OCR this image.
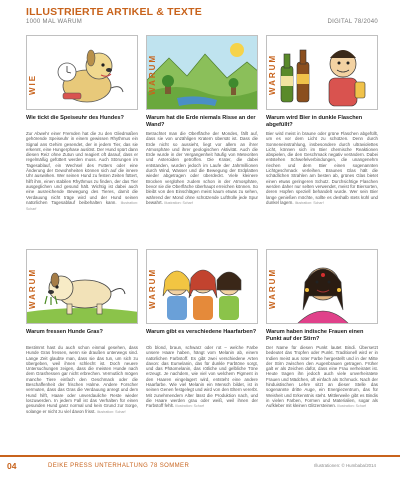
ILLUSTRIERTE ARTIKEL & TEXTE
1000 MAL WARUM	DIGITAL 78/2040
WIE
Wie tickt die Speiseuhr des Hundes?
Zur Abwehr einer Fremden hat die zu den Gliedmaßen gehörende Speiseuhr in einem gewissen Rhythmus ein Signal ans Gehirn gesendet, der in jedem Tier, das sie erkennt, eine Hungerphase auslöst. Der Hund spürt dann diesen Reiz ohne Zutun und reagiert oft darauf, dass er regelmäßig gefüttert werden muss. Auch Störungen im Tagesablauf, ein Wechsel des Futters oder eine Änderung der Gewohnheiten können sich auf die innere Uhr auswirken. Wer seinen Hund zu festen Zeiten füttert, hilft ihm, einen stabilen Rhythmus zu finden, der das Tier ausgeglichen und gesund hält. Wichtig ist dabei auch eine ausreichende Bewegung des Tieres, damit die Verdauung nicht träge wird und der Hund seinen natürlichen Tagesablauf beibehalten kann. Illustration: Scharf
WARUM
Warum hat die Erde niemals Risse an der Wand?
Betrachtet man die Oberfläche der Mondes, fällt auf, dass sie von unzähligen Kratern übersät ist. Dass die Erde nicht so aussieht, liegt vor allem an ihrer Atmosphäre und ihrer geologischen Aktivität. Auch die Erde wurde in der Vergangenheit häufig von Meteoriten und Asteroiden getroffen. Die Krater, die dabei entstanden, wurden jedoch im Laufe der Jahrmillionen durch Wind, Wasser und die Bewegung der Erdplatten wieder abgetragen oder überdeckt. Viele kleinere Brocken verglühen zudem schon in der Atmosphäre, bevor sie die Oberfläche überhaupt erreichen können. So bleibt von den Einschlägen meist kaum etwas zu sehen, während der Mond ohne schützende Lufthülle jede Spur bewahrt. Illustration: Scharf
WARUM
Warum wird Bier in dunkle Flaschen abgefüllt?
Bier wird meist in braune oder grüne Flaschen abgefüllt, um es vor dem Licht zu schützen. Denn durch Sonneneinstrahlung, insbesondere durch ultraviolettes Licht, können sich im Bier chemische Reaktionen abspielen, die den Geschmack negativ verändern. Dabei entstehen Schwefelverbindungen, die unangenehm riechen und dem Bier einen sogenannten Lichtgeschmack verleihen. Braunes Glas hält die schädlichen Strahlen am besten ab, grünes Glas bietet einen etwas geringeren Schutz. Durchsichtige Flaschen werden daher nur selten verwendet, meist für Biersorten, deren Hopfen speziell behandelt wurde. Wer sein Bier lange genießen möchte, sollte es deshalb stets kühl und dunkel lagern. Illustration: Scharf
WARUM
Warum fressen Hunde Gras?
Bestimmt hast du auch schon einmal gesehen, dass Hunde Gras fressen, wenn sie draußen unterwegs sind. Lange Zeit glaubte man, dass sie das tun, um sich zu übergeben, weil ihnen schlecht ist. Doch neuere Untersuchungen zeigen, dass die meisten Hunde nach dem Grasfressen gar nicht erbrechen. Vermutlich mögen manche Tiere einfach den Geschmack oder die Beschaffenheit der frischen Halme. Andere Forscher vermuten, dass das Gras die Verdauung anregt und dem Hund hilft, Haare oder unverdauliche Reste wieder loszuwerden. In jedem Fall ist das Verhalten für einen gesunden Hund ganz normal und kein Grund zur Sorge, solange er nicht zu viel davon frisst. Illustration: Scharf
WARUM
Warum gibt es verschiedene Haarfarben?
Ob blond, braun, schwarz oder rot – welche Farbe unsere Haare haben, hängt vom Melanin ab, einem natürlichen Farbstoff. Es gibt zwei verschiedene Arten davon: das Eumelanin, das für dunkle Farbtöne sorgt, und das Phäomelanin, das rötliche und gelbliche Töne erzeugt. Je nachdem, wie viel von welchem Pigment in den Haaren eingelagert wird, entsteht eine andere Haarfarbe. Wie viel Melanin ein Mensch bildet, ist in seinen Genen festgelegt und wird von den Eltern vererbt. Mit zunehmendem Alter lässt die Produktion nach, und die Haare werden grau oder weiß, weil ihnen der Farbstoff fehlt. Illustration: Scharf
WARUM
Warum haben indische Frauen einen Punkt auf der Stirn?
Der Name für diesen Punkt lautet Bindi. Übersetzt bedeutet das Tropfen oder Punkt. Traditionell wird er in Indien meist aus roter Farbe hergestellt und in der Mitte der Stirn zwischen den Augenbrauen getragen. Früher galt er als Zeichen dafür, dass eine Frau verheiratet ist. Heute tragen ihn jedoch auch viele unverheiratete Frauen und Mädchen, oft einfach als Schmuck. Nach der hinduistischen Lehre sitzt an dieser Stelle das sogenannte dritte Auge, ein Energiezentrum, das für Weisheit und Erkenntnis steht. Mittlerweile gibt es Bindis in vielen Farben, Formen und Materialien, sogar als Aufkleber mit kleinen Glitzersteinen. Illustration: Scharf
04	DEIKE PRESS UNTERHALTUNG 78 SOMMER	Illustrationen: © Humbaba/2014
